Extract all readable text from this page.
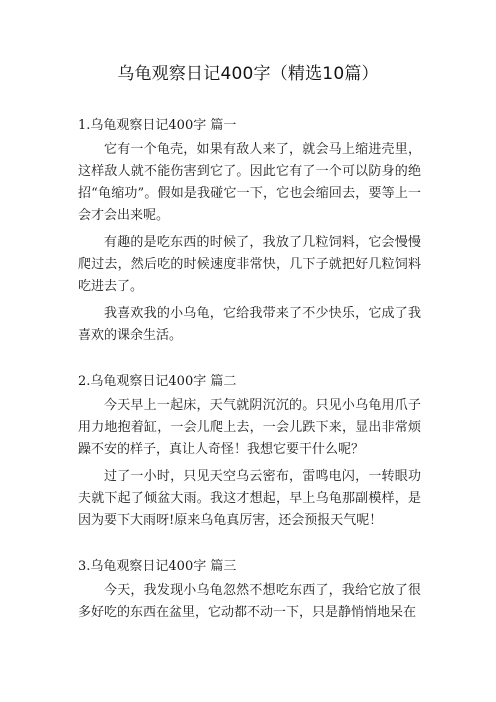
乌龟观察日记400字（精选10篇）
1.乌龟观察日记400字 篇一

它有一个龟壳，如果有敌人来了，就会马上缩进壳里，这样敌人就不能伤害到它了。因此它有了一个可以防身的绝招“龟缩功”。假如是我碰它一下，它也会缩回去，要等上一会才会出来呢。

有趣的是吃东西的时候了，我放了几粒饲料，它会慢慢爬过去，然后吃的时候速度非常快，几下子就把好几粒饲料吃进去了。

我喜欢我的小乌龟，它给我带来了不少快乐，它成了我喜欢的课余生活。

2.乌龟观察日记400字 篇二

今天早上一起床，天气就阴沉沉的。只见小乌龟用爪子用力地抱着缸，一会儿爬上去，一会儿跌下来，显出非常烦躁不安的样子，真让人奇怪！我想它要干什么呢？

过了一小时，只见天空乌云密布，雷鸣电闪，一转眼功夫就下起了倾盆大雨。我这才想起，早上乌龟那副模样，是因为要下大雨呀!原来乌龟真厉害，还会预报天气呢！

3.乌龟观察日记400字 篇三

今天，我发现小乌龟忽然不想吃东西了，我给它放了很多好吃的东西在盆里，它动都不动一下，只是静悄悄地呆在
